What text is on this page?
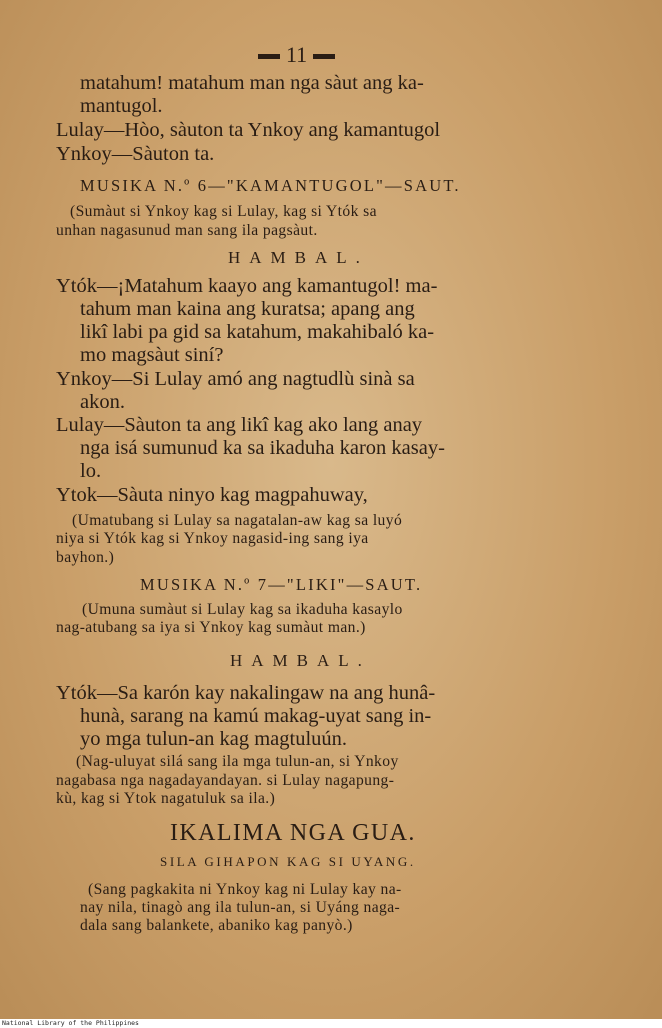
11
matahum! matahum man nga sàut ang ka-
mantugol.
Lulay—Hòo, sàuton ta Ynkoy ang kamantugol
Ynkoy—Sàuton ta.
MUSIKA N.º 6—"KAMANTUGOL"—SAUT.
(Sumàut si Ynkoy kag si Lulay, kag si Ytók sa
unhan nagasunud man sang ila pagsàut.
HAMBAL.
Ytók—¡Matahum kaayo ang kamantugol! ma-
tahum man kaina ang kuratsa; apang ang
likî labi pa gid sa katahum, makahibaló ka-
mo magsàut siní?
Ynkoy—Si Lulay amó ang nagtudlù sinà sa
akon.
Lulay—Sàuton ta ang likî kag ako lang anay
nga isá sumunud ka sa ikaduha karon kasay-
lo.
Ytok—Sàuta ninyo kag magpahuway,
(Umatubang si Lulay sa nagatalan-aw kag sa luyó
niya si Ytók kag si Ynkoy nagasid-ing sang iya
bayhon.)
MUSIKA N.º 7—"LIKI"—SAUT.
(Umuna sumàut si Lulay kag sa ikaduha kasaylo
nag-atubang sa iya si Ynkoy kag sumàut man.)
HAMBAL.
Ytók—Sa karón kay nakalingaw na ang hunâ-
hunà, sarang na kamú makag-uyat sang in-
yo mga tulun-an kag magtuluún.
(Nag-uluyat silá sang ila mga tulun-an, si Ynkoy
nagabasa nga nagadayandayan. si Lulay nagapung-
kù, kag si Ytok nagatuluk sa ila.)
IKALIMA NGA GUA.
SILA GIHAPON KAG SI UYANG.
(Sang pagkakita ni Ynkoy kag ni Lulay kay na-
nay nila, tinagò ang ila tulun-an, si Uyáng naga-
dala sang balankete, abaniko kag panyò.)
National Library of the Philippines
